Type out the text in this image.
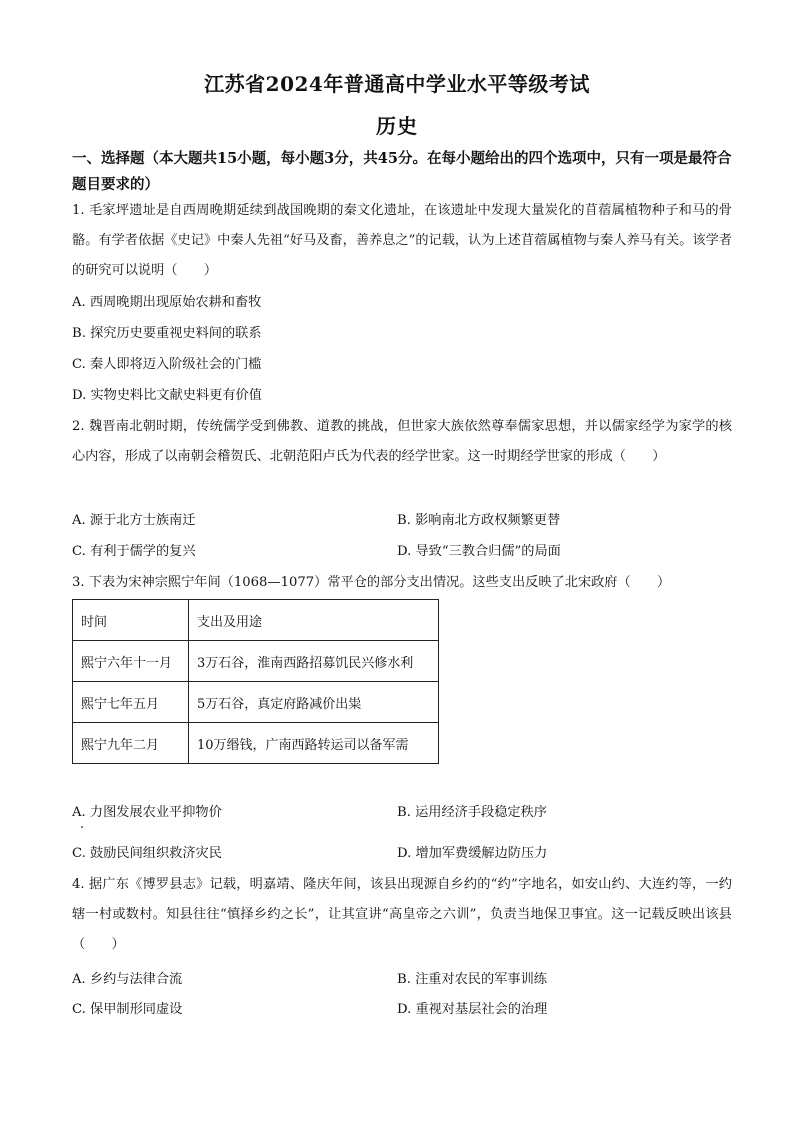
江苏省2024年普通高中学业水平等级考试
历史
一、选择题（本大题共15小题，每小题3分，共45分。在每小题给出的四个选项中，只有一项是最符合题目要求的）
1. 毛家坪遗址是自西周晚期延续到战国晚期的秦文化遗址，在该遗址中发现大量炭化的苜蓿属植物种子和马的骨骼。有学者依据《史记》中秦人先祖“好马及畜，善养息之”的记载，认为上述苜蓿属植物与秦人养马有关。该学者的研究可以说明（　　）
A. 西周晚期出现原始农耕和畜牧
B. 探究历史要重视史料间的联系
C. 秦人即将迈入阶级社会的门槛
D. 实物史料比文献史料更有价值
2. 魏晋南北朝时期，传统儒学受到佛教、道教的挑战，但世家大族依然尊奉儒家思想，并以儒家经学为家学的核心内容，形成了以南朝会稽贺氏、北朝范阳卢氏为代表的经学世家。这一时期经学世家的形成（　　）
A. 源于北方士族南迁	B. 影响南北方政权频繁更替
C. 有利于儒学的复兴	D. 导致“三教合归儒”的局面
3. 下表为宋神宗熙宁年间（1068—1077）常平仓的部分支出情况。这些支出反映了北宋政府（　　）
时间	支出及用途
熙宁六年十一月	3万石谷，淮南西路招募饥民兴修水利
熙宁七年五月	5万石谷，真定府路减价出粜
熙宁九年二月	10万缗钱，广南西路转运司以备军需
A. 力图发展农业平抑物价	B. 运用经济手段稳定秩序
C. 鼓励民间组织救济灾民	D. 增加军费缓解边防压力
4. 据广东《博罗县志》记载，明嘉靖、隆庆年间，该县出现源自乡约的“约”字地名，如安山约、大连约等，一约辖一村或数村。知县往往“慎择乡约之长”，让其宣讲“高皇帝之六训”，负责当地保卫事宜。这一记载反映出该县（　　）
A. 乡约与法律合流	B. 注重对农民的军事训练
C. 保甲制形同虚设	D. 重视对基层社会的治理
